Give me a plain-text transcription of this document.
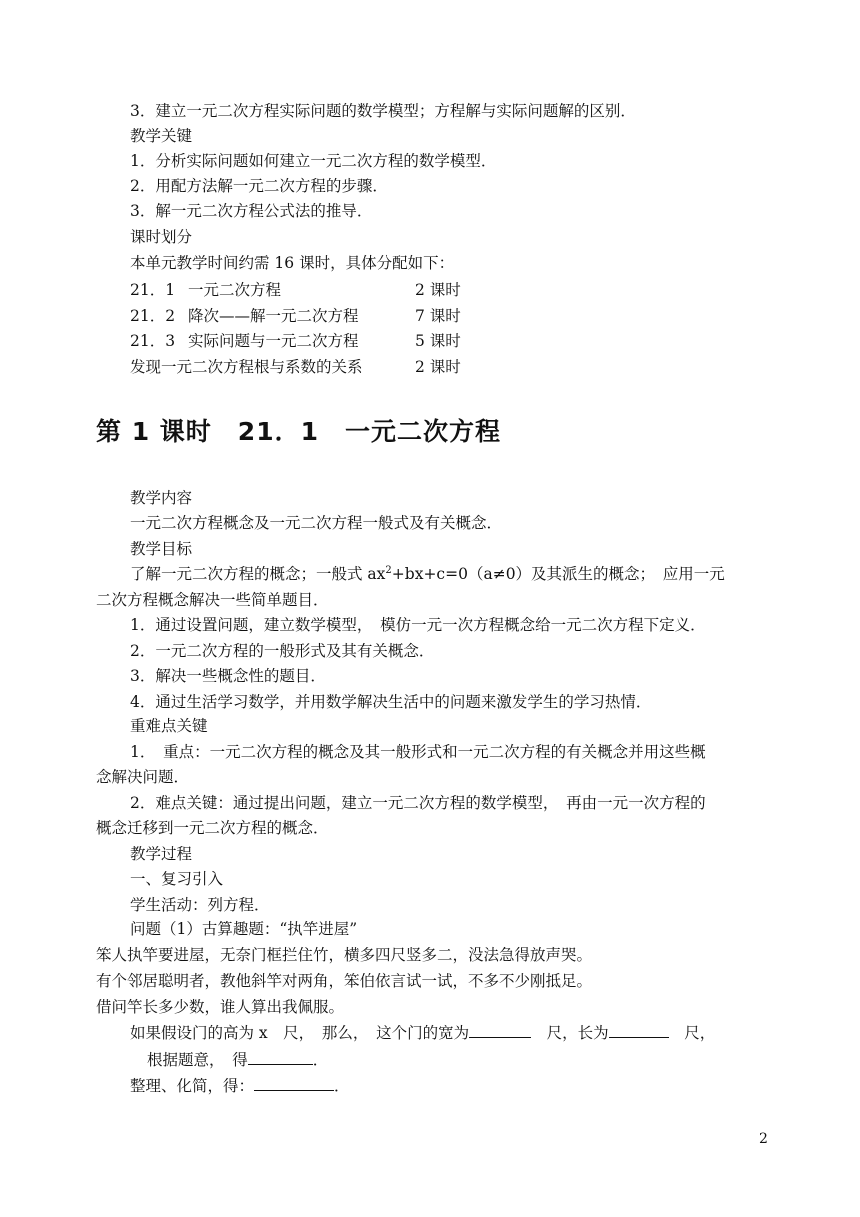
3．建立一元二次方程实际问题的数学模型；方程解与实际问题解的区别．
教学关键
1．分析实际问题如何建立一元二次方程的数学模型．
2．用配方法解一元二次方程的步骤．
3．解一元二次方程公式法的推导．
课时划分
本单元教学时间约需 16 课时，具体分配如下：
21．1 一元二次方程	2 课时
21．2 降次——解一元二次方程	7 课时
21．3 实际问题与一元二次方程	5 课时
发现一元二次方程根与系数的关系	2 课时
第 1 课时　21．1　一元二次方程
教学内容
一元二次方程概念及一元二次方程一般式及有关概念．
教学目标
了解一元二次方程的概念；一般式 $ax^2+bx+c=0(a\ne 0)$及其派生的概念；　应用一元
二次方程概念解决一些简单题目．
1．通过设置问题，建立数学模型，　模仿一元一次方程概念给一元二次方程下定义．
2．一元二次方程的一般形式及其有关概念．
3．解决一些概念性的题目．
4．通过生活学习数学，并用数学解决生活中的问题来激发学生的学习热情．
重难点关键
1．　重点：一元二次方程的概念及其一般形式和一元二次方程的有关概念并用这些概
念解决问题．
2．难点关键：通过提出问题，建立一元二次方程的数学模型，　再由一元一次方程的
概念迁移到一元二次方程的概念．
教学过程
一、复习引入
学生活动：列方程．
问题（1）古算趣题：“执竿进屋”
笨人执竿要进屋，无奈门框拦住竹，横多四尺竖多二，没法急得放声哭。
有个邻居聪明者，教他斜竿对两角，笨伯依言试一试，不多不少刚抵足。
借问竿长多少数，谁人算出我佩服。
如果假设门的高为 x　尺，　那么，　这个门的宽为	　尺，长为	　尺，
根据题意，　得	．
整理、化简，得：	．
2
